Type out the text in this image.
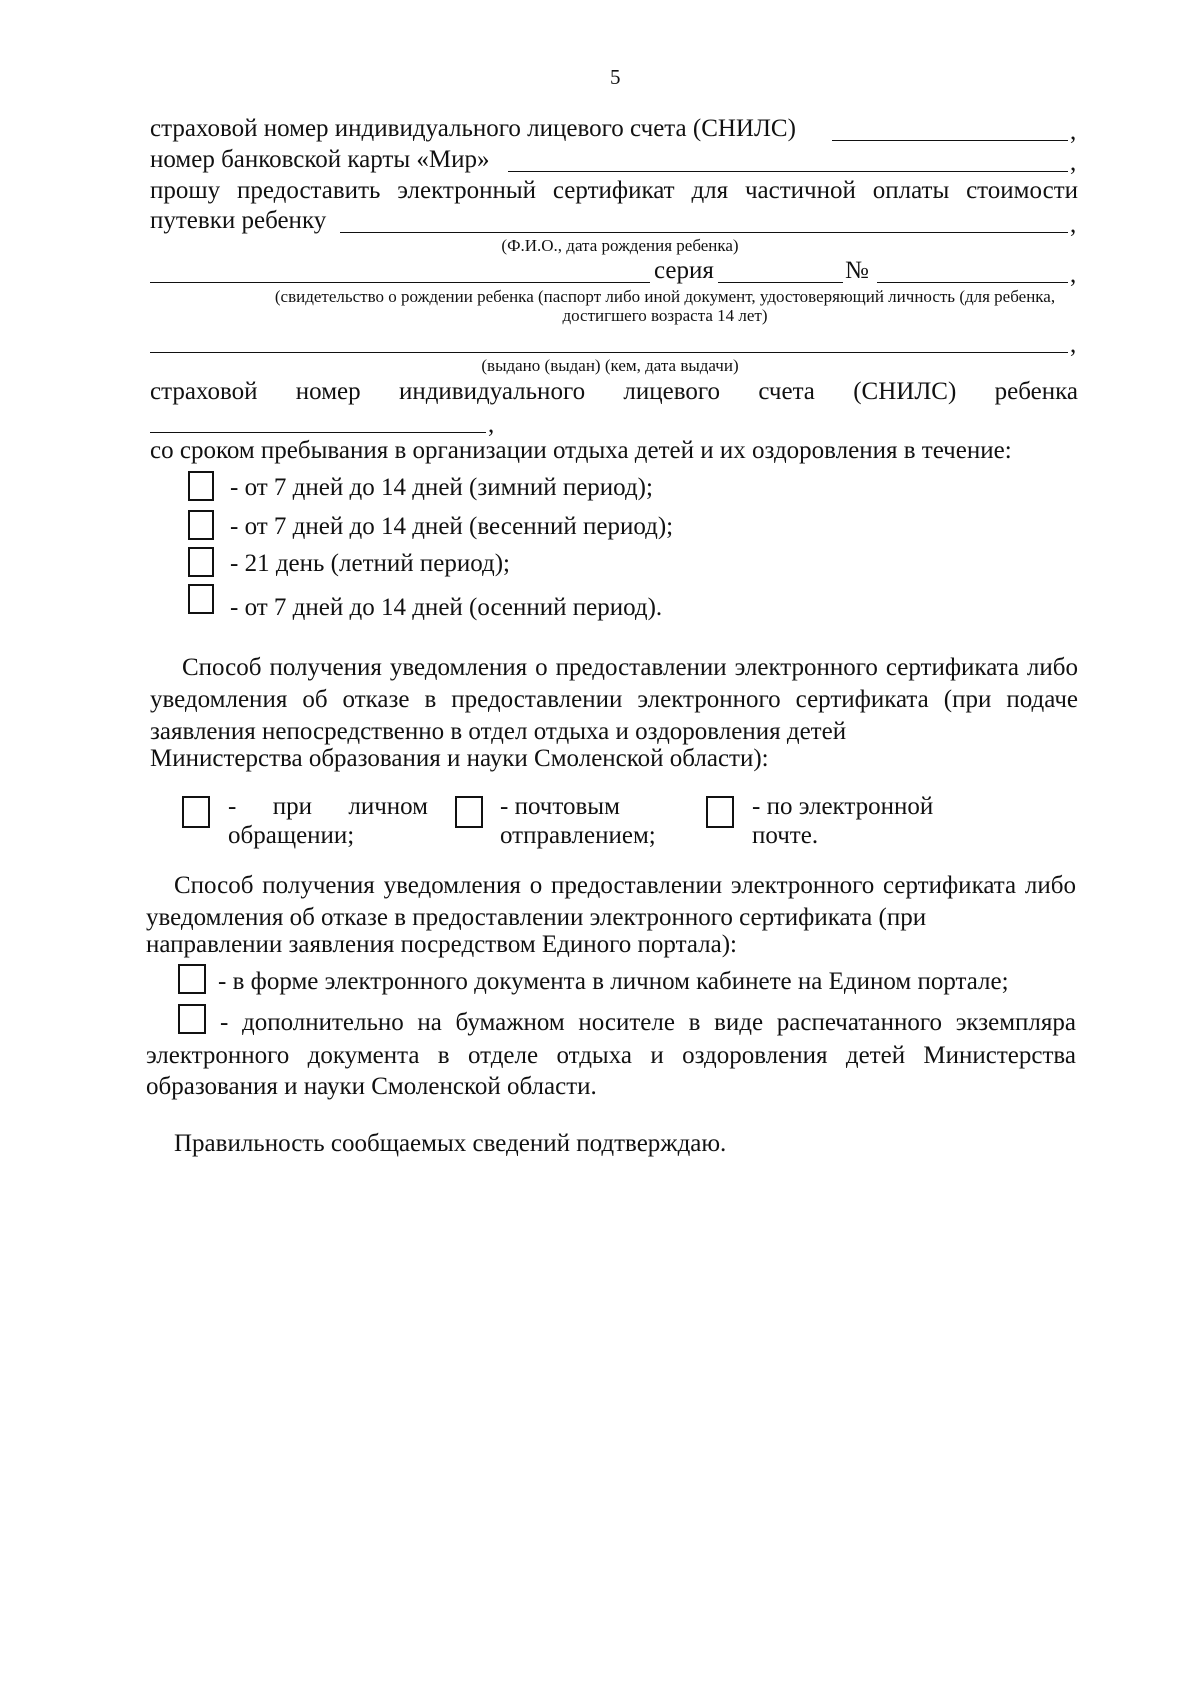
5
страховой номер индивидуального лицевого счета (СНИЛС)	,
номер банковской карты «Мир»	,
прошу предоставить электронный сертификат для частичной оплаты стоимости
путевки ребенку	,
(Ф.И.О., дата рождения ребенка)
серия	№	,
(свидетельство о рождении ребенка (паспорт либо иной документ, удостоверяющий личность (для ребенка,
достигшего возраста 14 лет)
,
(выдано (выдан) (кем, дата выдачи)
страховой номер индивидуального лицевого счета (СНИЛС) ребенка
,
со сроком пребывания в организации отдыха детей и их оздоровления в течение:
- от 7 дней до 14 дней (зимний период);
- от 7 дней до 14 дней (весенний период);
- 21 день (летний период);
- от 7 дней до 14 дней (осенний период).
Способ получения уведомления о предоставлении электронного сертификата либо уведомления об отказе в предоставлении электронного сертификата (при подаче заявления непосредственно в отдел отдыха и оздоровления детей
Министерства образования и науки Смоленской области):
- при личном
обращении;
- почтовым
отправлением;
- по электронной
почте.
Способ получения уведомления о предоставлении электронного сертификата либо уведомления об отказе в предоставлении электронного сертификата (при
направлении заявления посредством Единого портала):
- в форме электронного документа в личном кабинете на Едином портале;
- дополнительно на бумажном носителе в виде распечатанного экземпляра
электронного документа в отделе отдыха и оздоровления детей Министерства
образования и науки Смоленской области.
Правильность сообщаемых сведений подтверждаю.
